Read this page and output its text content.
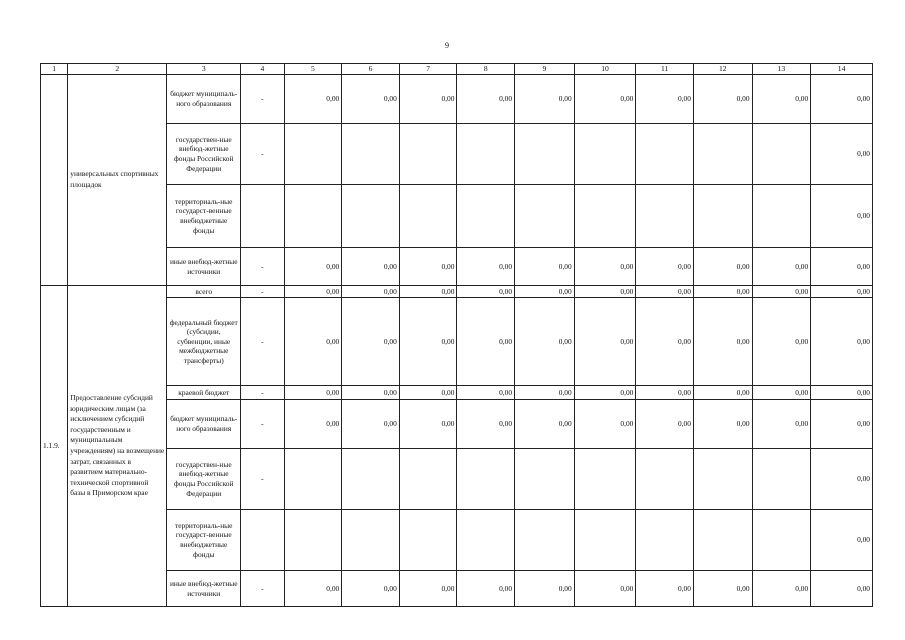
9
1	2	3	4	5	6	7	8	9	10	11	12	13	14
	универсальных спортивных площадок	бюджет муниципаль-ного образования	-	0,00	0,00	0,00	0,00	0,00	0,00	0,00	0,00	0,00	0,00
		государствен-ные внебюд-жетные фонды Российской Федерации	-										0,00
		территориаль-ные государст-венные внебюджетные фонды											0,00
		иные внебюд-жетные источники	-	0,00	0,00	0,00	0,00	0,00	0,00	0,00	0,00	0,00	0,00
1.1.9.	Предоставление субсидий юридическим лицам (за исключением субсидий государственным и муниципальным учреждениям) на возмещение затрат, связанных в развитием материально-технической спортивной базы в Приморском крае	всего	-	0,00	0,00	0,00	0,00	0,00	0,00	0,00	0,00	0,00	0,00
		федеральный бюджет (субсидии, субвенции, иные межбюджетные трансферты)	-	0,00	0,00	0,00	0,00	0,00	0,00	0,00	0,00	0,00	0,00
		краевой бюджет	-	0,00	0,00	0,00	0,00	0,00	0,00	0,00	0,00	0,00	0,00
		бюджет муниципаль-ного образования	-	0,00	0,00	0,00	0,00	0,00	0,00	0,00	0,00	0,00	0,00
		государствен-ные внебюд-жетные фонды Российской Федерации	-										0,00
		территориаль-ные государст-венные внебюджетные фонды											0,00
		иные внебюд-жетные источники	-	0,00	0,00	0,00	0,00	0,00	0,00	0,00	0,00	0,00	0,00
